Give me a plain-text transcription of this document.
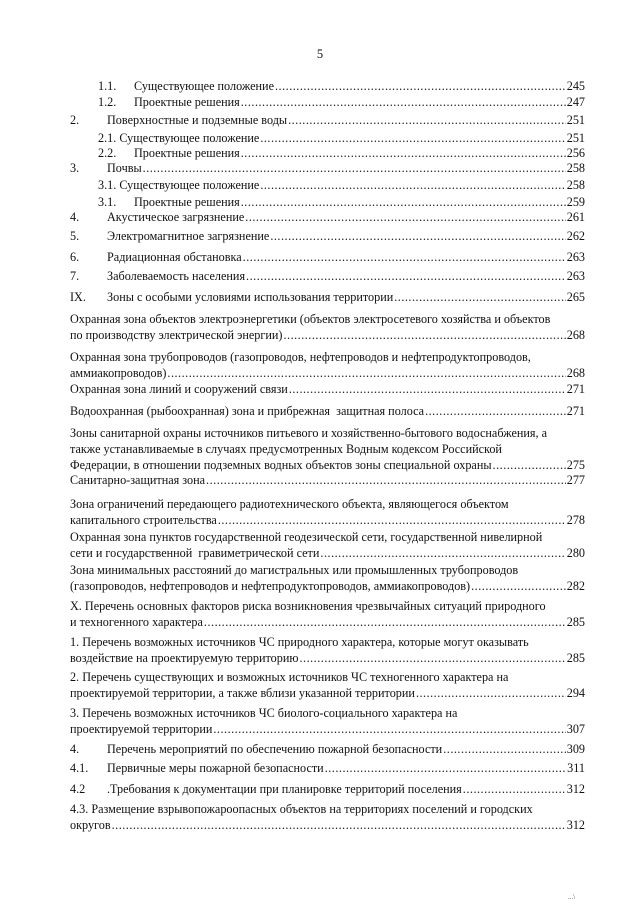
5
1.1. Существующее положение .....	245
1.2. Проектные решения .....	247
2. Поверхностные и подземные воды .....	251
2.1. Существующее положение .....	251
2.2. Проектные решения .....	256
3. Почвы .....	258
3.1. Существующее положение .....	258
3.1. Проектные решения .....	259
4. Акустическое загрязнение .....	261
5. Электромагнитное загрязнение .....	262
6. Радиационная обстановка .....	263
7. Заболеваемость населения .....	263
IX. Зоны с особыми условиями использования территории .....	265
Охранная зона объектов электроэнергетики (объектов электросетевого хозяйства и объектов
по производству электрической энергии) .....	268
Охранная зона трубопроводов (газопроводов, нефтепроводов и нефтепродуктопроводов,
аммиакопроводов) .....	268
Охранная зона линий и сооружений связи .....	271
Водоохранная (рыбоохранная) зона и прибрежная  защитная полоса .....	271
Зоны санитарной охраны источников питьевого и хозяйственно-бытового водоснабжения, а
также устанавливаемые в случаях предусмотренных Водным кодексом Российской
Федерации, в отношении подземных водных объектов зоны специальной охраны .....	275
Санитарно-защитная зона .....	277
Зона ограничений передающего радиотехнического объекта, являющегося объектом
капитального строительства .....	278
Охранная зона пунктов государственной геодезической сети, государственной нивелирной
сети и государственной  гравиметрической сети .....	280
Зона минимальных расстояний до магистральных или промышленных трубопроводов
(газопроводов, нефтепроводов и нефтепродуктопроводов, аммиакопроводов) .....	282
X. Перечень основных факторов риска возникновения чрезвычайных ситуаций природного
и техногенного характера .....	285
1. Перечень возможных источников ЧС природного характера, которые могут оказывать
воздействие на проектируемую территорию .....	285
2. Перечень существующих и возможных источников ЧС техногенного характера на
проектируемой территории, а также вблизи указанной территории .....	294
3. Перечень возможных источников ЧС биолого-социального характера на
проектируемой территории .....	307
4. Перечень мероприятий по обеспечению пожарной безопасности .....	309
4.1. Первичные меры пожарной безопасности .....	311
4.2 .Требования к документации при планировке территорий поселения .....	312
4.3. Размещение взрывопожароопасных объектов на территориях поселений и городских
округов .....	312
...\
